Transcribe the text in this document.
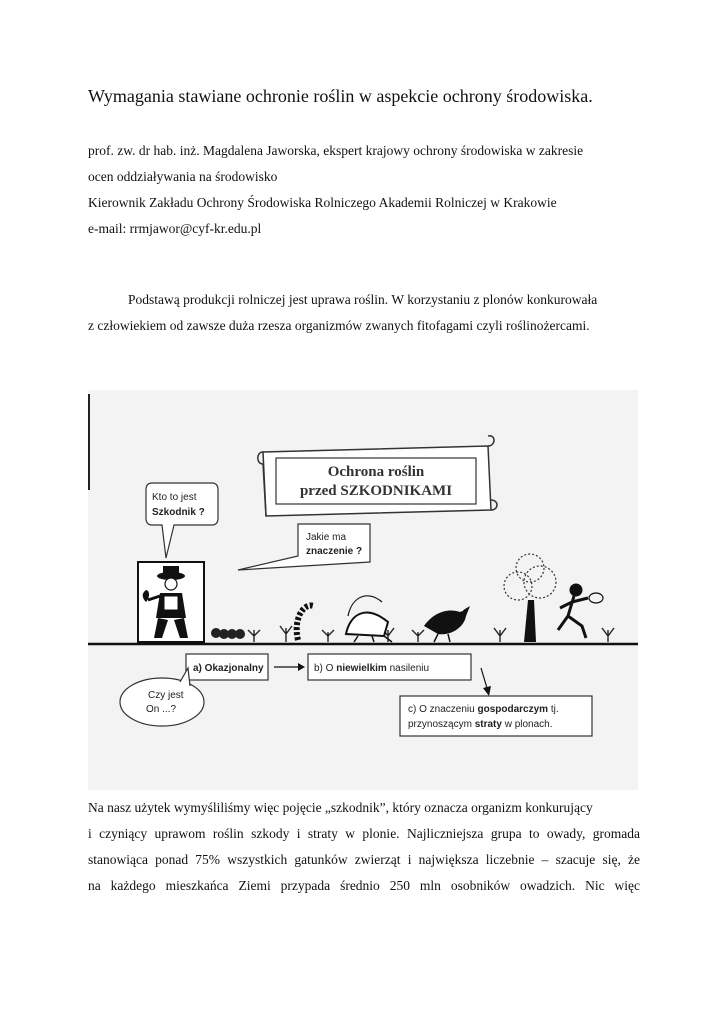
Wymagania stawiane ochronie roślin w aspekcie ochrony środowiska.
prof. zw. dr hab. inż. Magdalena Jaworska, ekspert krajowy ochrony środowiska w zakresie
ocen oddziaływania na środowisko
Kierownik Zakładu Ochrony Środowiska Rolniczego Akademii Rolniczej w Krakowie
e-mail: rrmjawor@cyf-kr.edu.pl
Podstawą produkcji rolniczej jest uprawa roślin. W korzystaniu z plonów konkurowała
z człowiekiem od zawsze duża rzesza organizmów zwanych fitofagami czyli roślinożercami.
Ochrona roślin
przed SZKODNIKAMI
Kto to jest
Szkodnik ?
Jakie ma
znaczenie ?
a) Okazjonalny	b) O niewielkim nasileniu
Czy jest
On ...?	c) O znaczeniu gospodarczym tj.
przynoszącym straty w plonach.
Na nasz użytek wymyśliliśmy więc pojęcie „szkodnik”, który oznacza organizm konkurujący
i czyniący uprawom roślin szkody i straty w plonie. Najliczniejsza grupa to owady, gromada
stanowiąca ponad 75% wszystkich gatunków zwierząt i największa liczebnie – szacuje się, że
na każdego mieszkańca Ziemi przypada średnio 250 mln osobników owadzich. Nic więc
